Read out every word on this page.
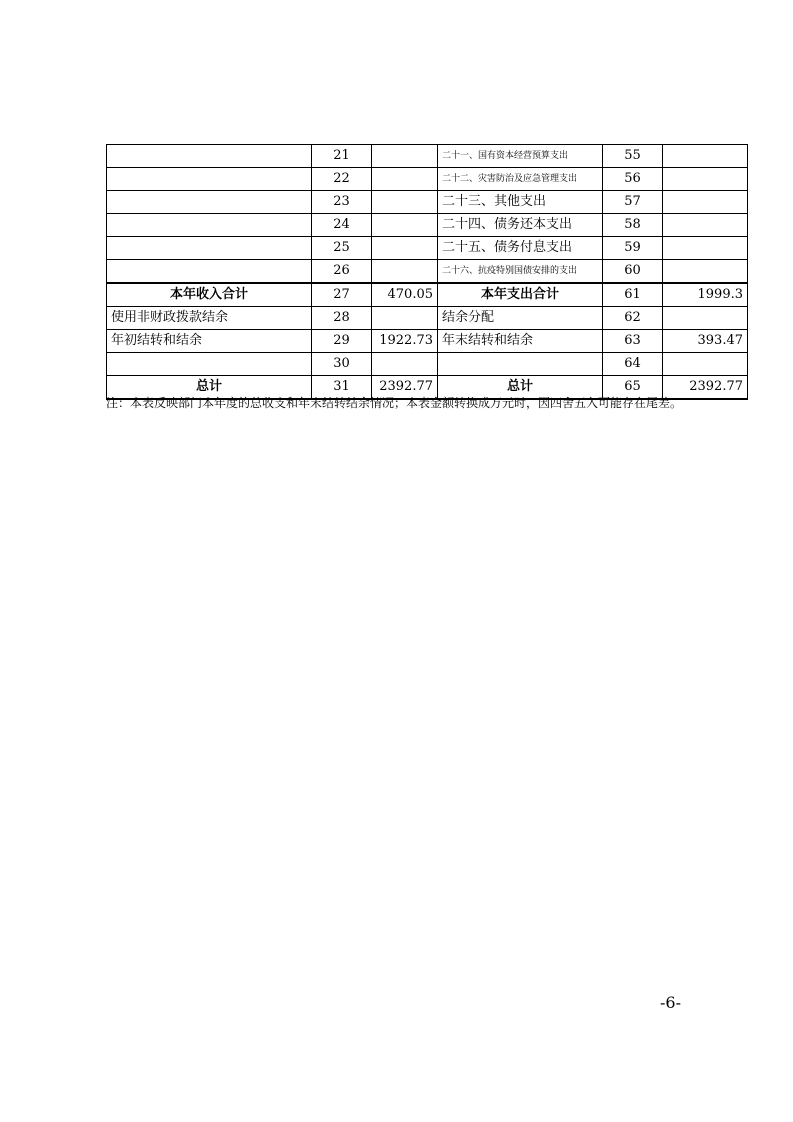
	21		二十一、国有资本经营预算支出	55	
	22		二十二、灾害防治及应急管理支出	56	
	23		二十三、其他支出	57	
	24		二十四、债务还本支出	58	
	25		二十五、债务付息支出	59	
	26		二十六、抗疫特别国债安排的支出	60	
本年收入合计	27	470.05	本年支出合计	61	1999.3
使用非财政拨款结余	28		结余分配	62	
年初结转和结余	29	1922.73	年末结转和结余	63	393.47
	30			64	
总计	31	2392.77	总计	65	2392.77
注：本表反映部门本年度的总收支和年末结转结余情况；本表金额转换成万元时，因四舍五入可能存在尾差。
-6-
